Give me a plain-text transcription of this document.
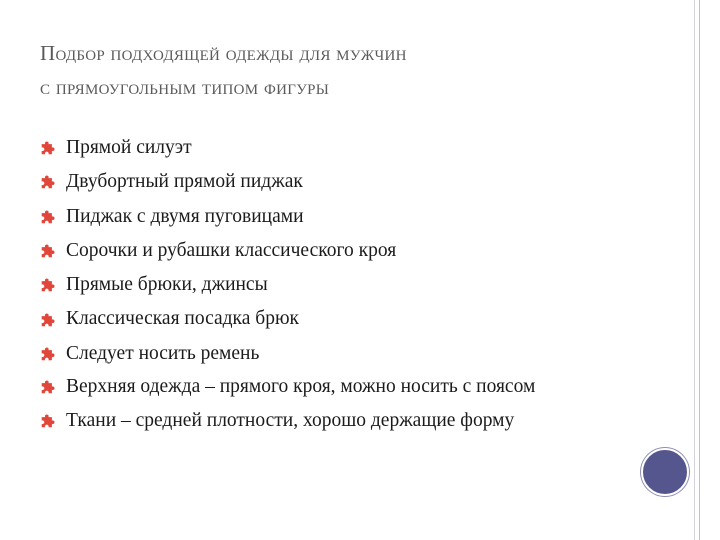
Подбор подходящей одежды для мужчин
с прямоугольным типом фигуры
Прямой силуэт
Двубортный прямой пиджак
Пиджак с двумя пуговицами
Сорочки и рубашки классического кроя
Прямые брюки, джинсы
Классическая посадка брюк
Следует носить ремень
Верхняя одежда – прямого кроя, можно носить с поясом
Ткани – средней плотности, хорошо держащие форму
